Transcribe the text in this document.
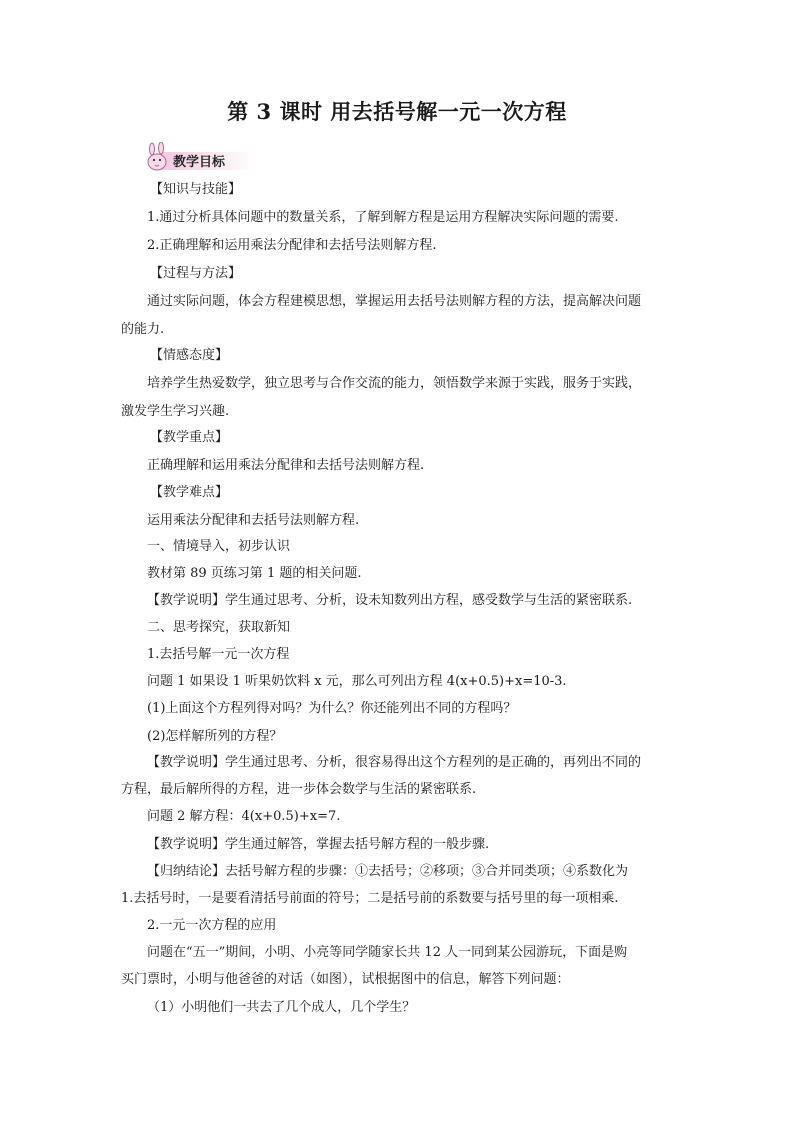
第 3 课时 用去括号解一元一次方程
教学目标
【知识与技能】
1.通过分析具体问题中的数量关系，了解到解方程是运用方程解决实际问题的需要.
2.正确理解和运用乘法分配律和去括号法则解方程.
【过程与方法】
通过实际问题，体会方程建模思想，掌握运用去括号法则解方程的方法，提高解决问题
的能力.
【情感态度】
培养学生热爱数学，独立思考与合作交流的能力，领悟数学来源于实践，服务于实践，
激发学生学习兴趣.
【教学重点】
正确理解和运用乘法分配律和去括号法则解方程.
【教学难点】
运用乘法分配律和去括号法则解方程.
一、情境导入，初步认识
教材第 89 页练习第 1 题的相关问题.
【教学说明】学生通过思考、分析，设未知数列出方程，感受数学与生活的紧密联系.
二、思考探究，获取新知
1.去括号解一元一次方程
问题 1 如果设 1 听果奶饮料 x 元，那么可列出方程 4(x+0.5)+x=10-3.
(1)上面这个方程列得对吗？为什么？你还能列出不同的方程吗？
(2)怎样解所列的方程？
【教学说明】学生通过思考、分析，很容易得出这个方程列的是正确的，再列出不同的
方程，最后解所得的方程，进一步体会数学与生活的紧密联系.
问题 2 解方程：4(x+0.5)+x=7.
【教学说明】学生通过解答，掌握去括号解方程的一般步骤.
【归纳结论】去括号解方程的步骤：①去括号；②移项；③合并同类项；④系数化为
1.去括号时，一是要看清括号前面的符号；二是括号前的系数要与括号里的每一项相乘.
2.一元一次方程的应用
问题在“五一”期间，小明、小亮等同学随家长共 12 人一同到某公园游玩，下面是购
买门票时，小明与他爸爸的对话（如图），试根据图中的信息，解答下列问题：
（1）小明他们一共去了几个成人，几个学生？
